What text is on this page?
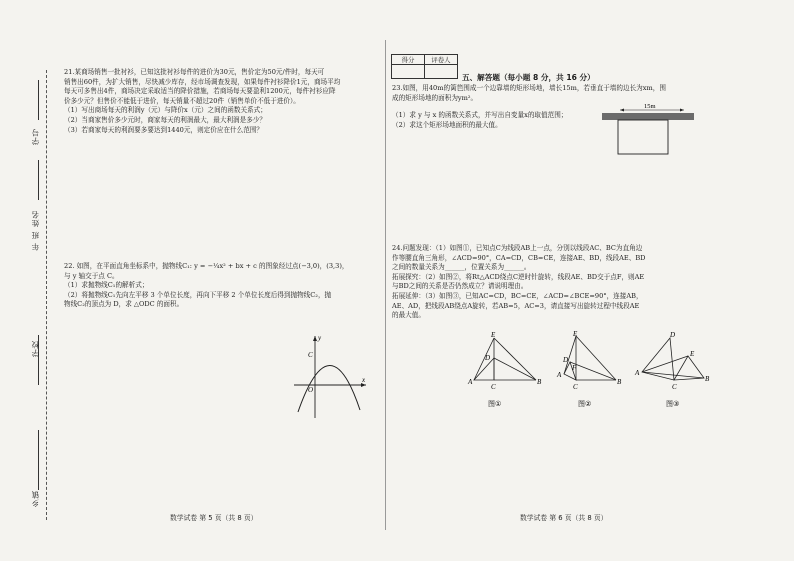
学号
年 班 姓名
学校
乡镇
21.某商场销售一批衬衫，已知这批衬衫每件的进价为30元，售价定为50元/件时，每天可
销售出60件，为扩大销售，尽快减少库存，经市场调查发现，如果每件衬衫降价1元，商场平均
每天可多售出4件，商场决定采取适当的降价措施，若商场每天要盈利1200元，每件衬衫应降
价多少元？但售价不能低于进价，每天销量不超过20件（销售单价不低于进价）。
（1）写出商场每天的利润y（元）与降价x（元）之间的函数关系式；
（2）当商家售价多少元时，商家每天的利润最大，最大利润是多少？
（3）若商家每天的利润要多要达到1440元，则定价应在什么范围？
22. 如图，在平面直角坐标系中，抛物线C₁: y = −¼x² + bx + c 的图象经过点(−3,0)，(3,3)，
与 y 轴交于点 C。
（1）求抛物线C₁的解析式；
（2）将抛物线C₁先向左平移 3 个单位长度，再向下平移 2 个单位长度后得到抛物线C₂，抛
物线C₂的顶点为 D，求 △ODC 的面积。
y
x
C
O
数学试卷 第 5 页（共 8 页）
得分	评卷人

五、解答题（每小题 8 分，共 16 分）
23.如图，用40m的篱笆围成一个边靠墙的矩形场地，墙长15m，若垂直于墙的边长为xm，围
成的矩形场地的面积为ym²。
（1）求 y 与 x 的函数关系式，并写出自变量x的取值范围；
（2）求这个矩形场地面积的最大值。
15m
24.问题发现：（1）如图①，已知点C为线段AB上一点，分别以线段AC、BC为直角边
作等腰直角三角形，∠ACD=90°，CA=CD，CB=CE，连接AE、BD，线段AE、BD
之间的数量关系为______，位置关系为______。
拓展探究：（2）如图②，将Rt△ACD绕点C逆时针旋转，线段AE、BD交于点F，则AE
与BD之间的关系是否仍然成立？请说明理由。
拓展延伸：（3）如图③，已知AC=CD，BC=CE，∠ACD=∠BCE=90°，连接AB，
AE、AD，把线段AB绕点A旋转，若AB=5，AC=3，请直接写出旋转过程中线段AE
的最大值。
E
D
A
C
B
图①
E
D
F
A
C
B
图②
D
E
A
C
B
图③
数学试卷 第 6 页（共 8 页）
